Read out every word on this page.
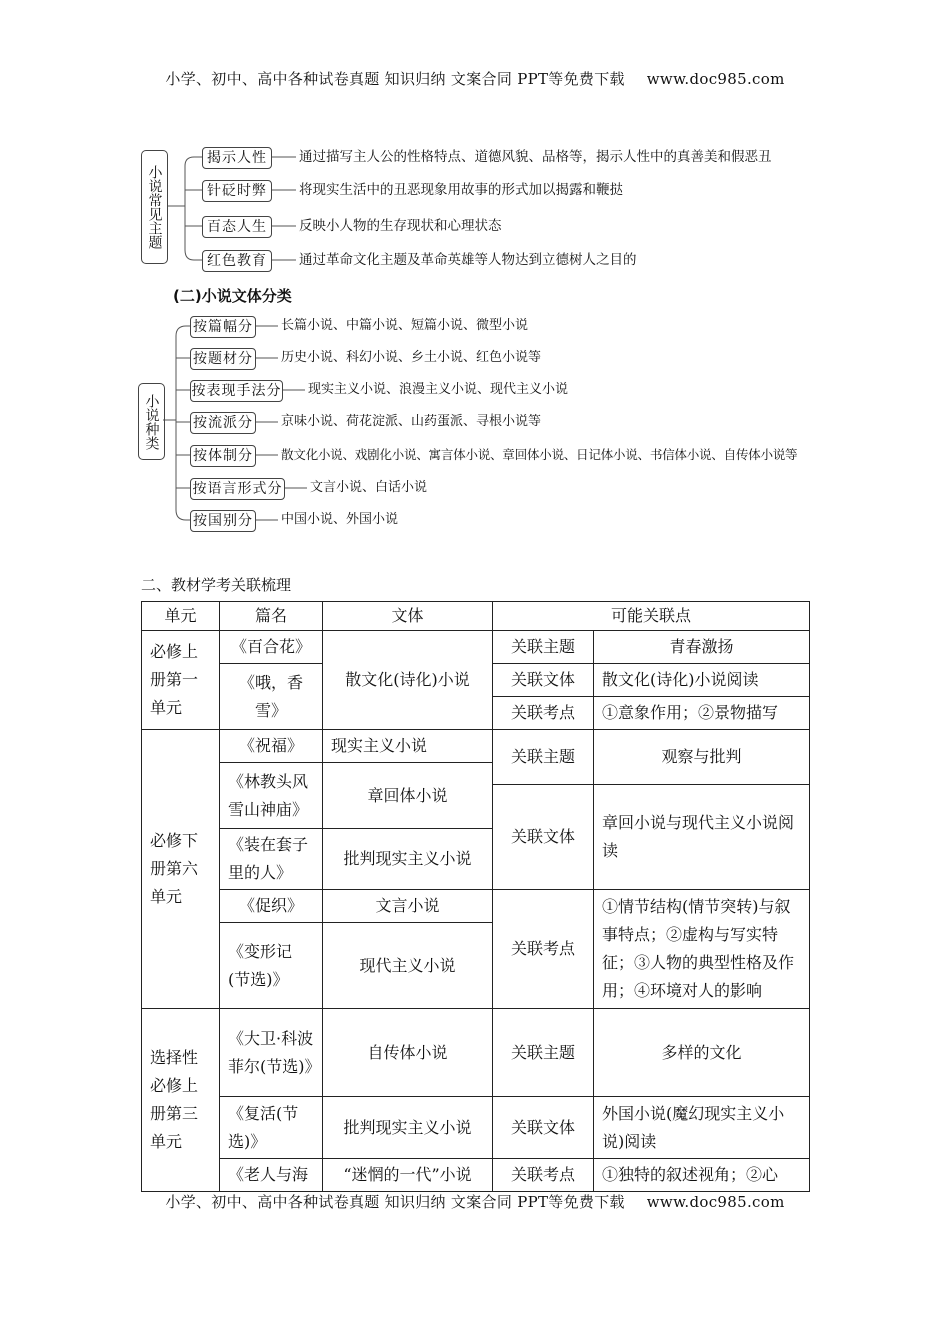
小学、初中、高中各种试卷真题 知识归纳 文案合同 PPT等免费下载 www.doc985.com
小说常见主题
揭示人性
针砭时弊
百态人生
红色教育
通过描写主人公的性格特点、道德风貌、品格等，揭示人性中的真善美和假恶丑
将现实生活中的丑恶现象用故事的形式加以揭露和鞭挞
反映小人物的生存现状和心理状态
通过革命文化主题及革命英雄等人物达到立德树人之目的
(二)小说文体分类
小说种类
按篇幅分
按题材分
按表现手法分
按流派分
按体制分
按语言形式分
按国别分
长篇小说、中篇小说、短篇小说、微型小说
历史小说、科幻小说、乡土小说、红色小说等
现实主义小说、浪漫主义小说、现代主义小说
京味小说、荷花淀派、山药蛋派、寻根小说等
散文化小说、戏剧化小说、寓言体小说、章回体小说、日记体小说、书信体小说、自传体小说等
文言小说、白话小说
中国小说、外国小说
二、教材学考关联梳理
单元	篇名	文体	可能关联点	
必修上册第一单元	《百合花》	散文化(诗化)小说	关联主题	青春激扬
	《哦，香雪》		关联文体	散文化(诗化)小说阅读
			关联考点	①意象作用；②景物描写
必修下册第六单元	《祝福》	现实主义小说	关联主题	观察与批判
	《林教头风雪山神庙》	章回体小说		
			关联文体	章回小说与现代主义小说阅读
	《装在套子里的人》	批判现实主义小说		

	《促织》	文言小说	关联考点	①情节结构(情节突转)与叙事特点；②虚构与写实特征；③人物的典型性格及作用；④环境对人的影响
	《变形记(节选)》	现代主义小说		
选择性必修上册第三单元	《大卫·科波菲尔(节选)》	自传体小说	关联主题	多样的文化
	《复活(节选)》	批判现实主义小说	关联文体	外国小说(魔幻现实主义小说)阅读
	《老人与海	“迷惘的一代”小说	关联考点	①独特的叙述视角；②心
小学、初中、高中各种试卷真题 知识归纳 文案合同 PPT等免费下载 www.doc985.com
